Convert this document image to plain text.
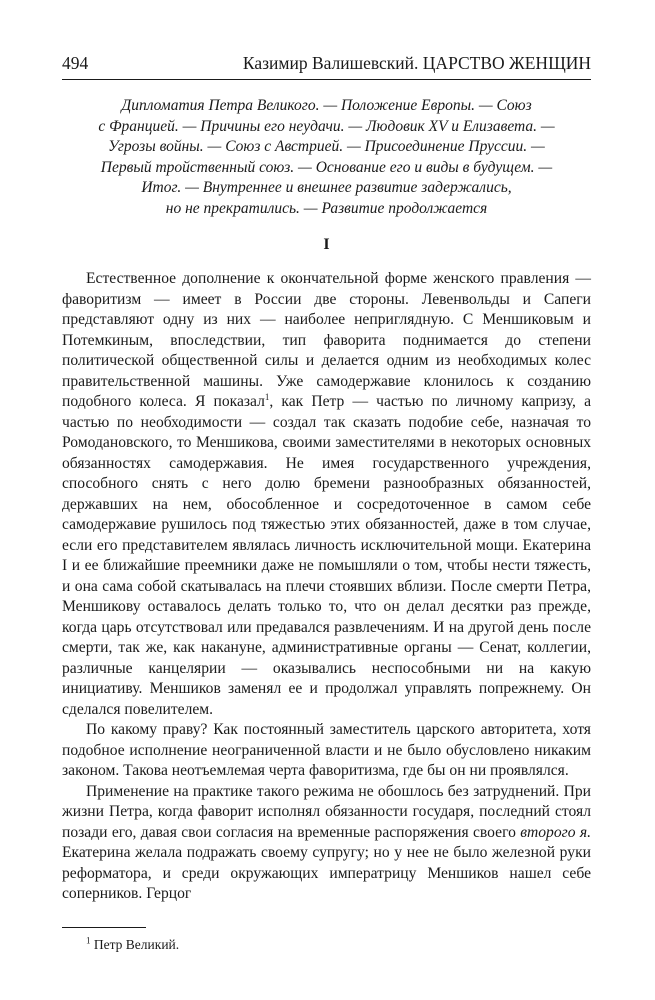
494	Казимир Валишевский. ЦАРСТВО ЖЕНЩИН
Дипломатия Петра Великого. — Положение Европы. — Союз
с Францией. — Причины его неудачи. — Людовик XV и Елизавета. —
Угрозы войны. — Союз с Австрией. — Присоединение Пруссии. —
Первый тройственный союз. — Основание его и виды в будущем. —
Итог. — Внутреннее и внешнее развитие задержались,
но не прекратились. — Развитие продолжается
I

Естественное дополнение к окончательной форме женского правления — фаворитизм — имеет в России две стороны. Левенвольды и Сапеги представляют одну из них — наиболее неприглядную. С Меншиковым и Потемкиным, впоследствии, тип фаворита поднимается до степени политической общественной силы и делается одним из необходимых колес правительственной машины. Уже самодержавие клонилось к созданию подобного колеса. Я показал$^1$, как Петр — частью по личному капризу, а частью по необходимости — создал так сказать подобие себе, назначая то Ромодановского, то Меншикова, своими заместителями в некоторых основных обязанностях самодержавия. Не имея государственного учреждения, способного снять с него долю бремени разнообразных обязанностей, державших на нем, обособленное и сосредоточенное в самом себе самодержавие рушилось под тяжестью этих обязанностей, даже в том случае, если его представителем являлась личность исключительной мощи. Екатерина I и ее ближайшие преемники даже не помышляли о том, чтобы нести тяжесть, и она сама собой скатывалась на плечи стоявших вблизи. После смерти Петра, Меншикову оставалось делать только то, что он делал десятки раз прежде, когда царь отсутствовал или предавался развлечениям. И на другой день после смерти, так же, как накануне, административные органы — Сенат, коллегии, различные канцелярии — оказывались неспособными ни на какую инициативу. Меншиков заменял ее и продолжал управлять попрежнему. Он сделался повелителем.

По какому праву? Как постоянный заместитель царского авторитета, хотя подобное исполнение неограниченной власти и не было обусловлено никаким законом. Такова неотъемлемая черта фаворитизма, где бы он ни проявлялся.

Применение на практике такого режима не обошлось без затруднений. При жизни Петра, когда фаворит исполнял обязанности государя, последний стоял позади его, давая свои согласия на временные распоряжения своего второго я. Екатерина желала подражать своему супругу; но у нее не было железной руки реформатора, и среди окружающих императрицу Меншиков нашел себе соперников. Герцог

$^1$ Петр Великий.
